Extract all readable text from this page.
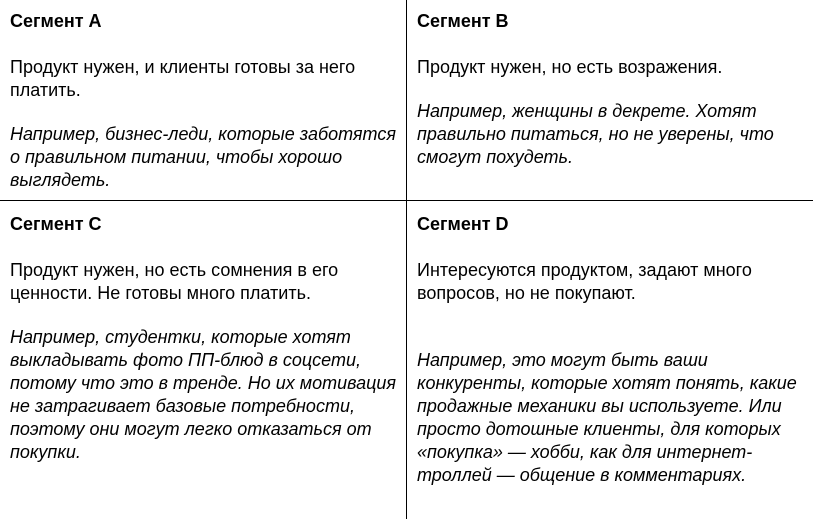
Сегмент A

Продукт нужен, и клиенты готовы за него платить.

Например, бизнес-леди, которые заботятся о правильном питании, чтобы хорошо выглядеть.

Сегмент B

Продукт нужен, но есть возражения.

Например, женщины в декрете. Хотят правильно питаться, но не уверены, что смогут похудеть.

Сегмент C

Продукт нужен, но есть сомнения в его ценности. Не готовы много платить.

Например, студентки, которые хотят выкладывать фото ПП-блюд в соцсети, потому что это в тренде. Но их мотивация не затрагивает базовые потребности, поэтому они могут легко отказаться от покупки.

Сегмент D

Интересуются продуктом, задают много вопросов, но не покупают.

Например, это могут быть ваши конкуренты, которые хотят понять, какие продажные механики вы используете. Или просто дотошные клиенты, для которых «покупка» — хобби, как для интернет-троллей — общение в комментариях.
